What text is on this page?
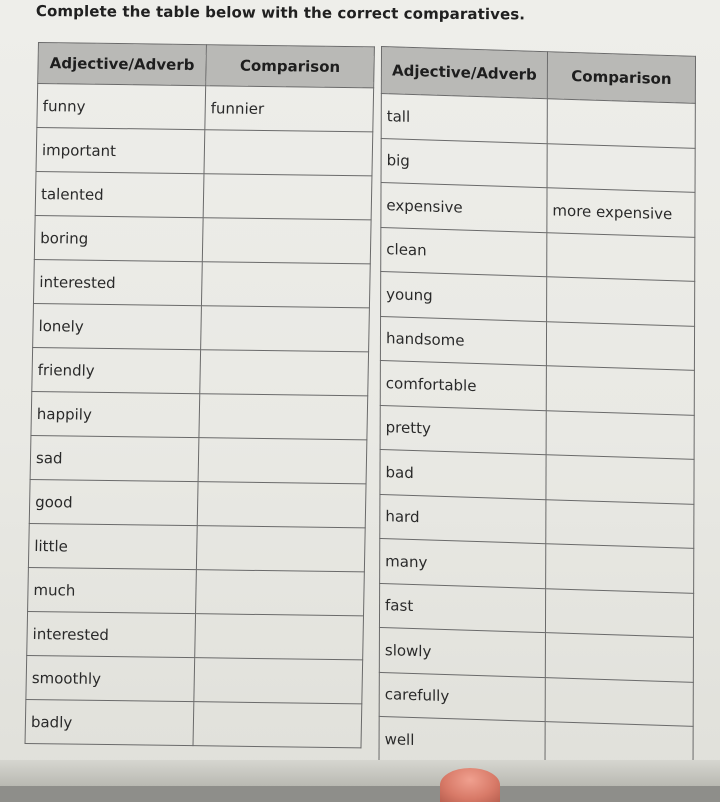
Complete the table below with the correct comparatives.

Adjective/Adverb	Comparison
funny	funnier
important	
talented	
boring	
interested	
lonely	
friendly	
happily	
sad	
good	
little	
much	
interested	
smoothly	
badly	
Adjective/Adverb	Comparison
tall	
big	
expensive	more expensive
clean	
young	
handsome	
comfortable	
pretty	
bad	
hard	
many	
fast	
slowly	
carefully	
well	
